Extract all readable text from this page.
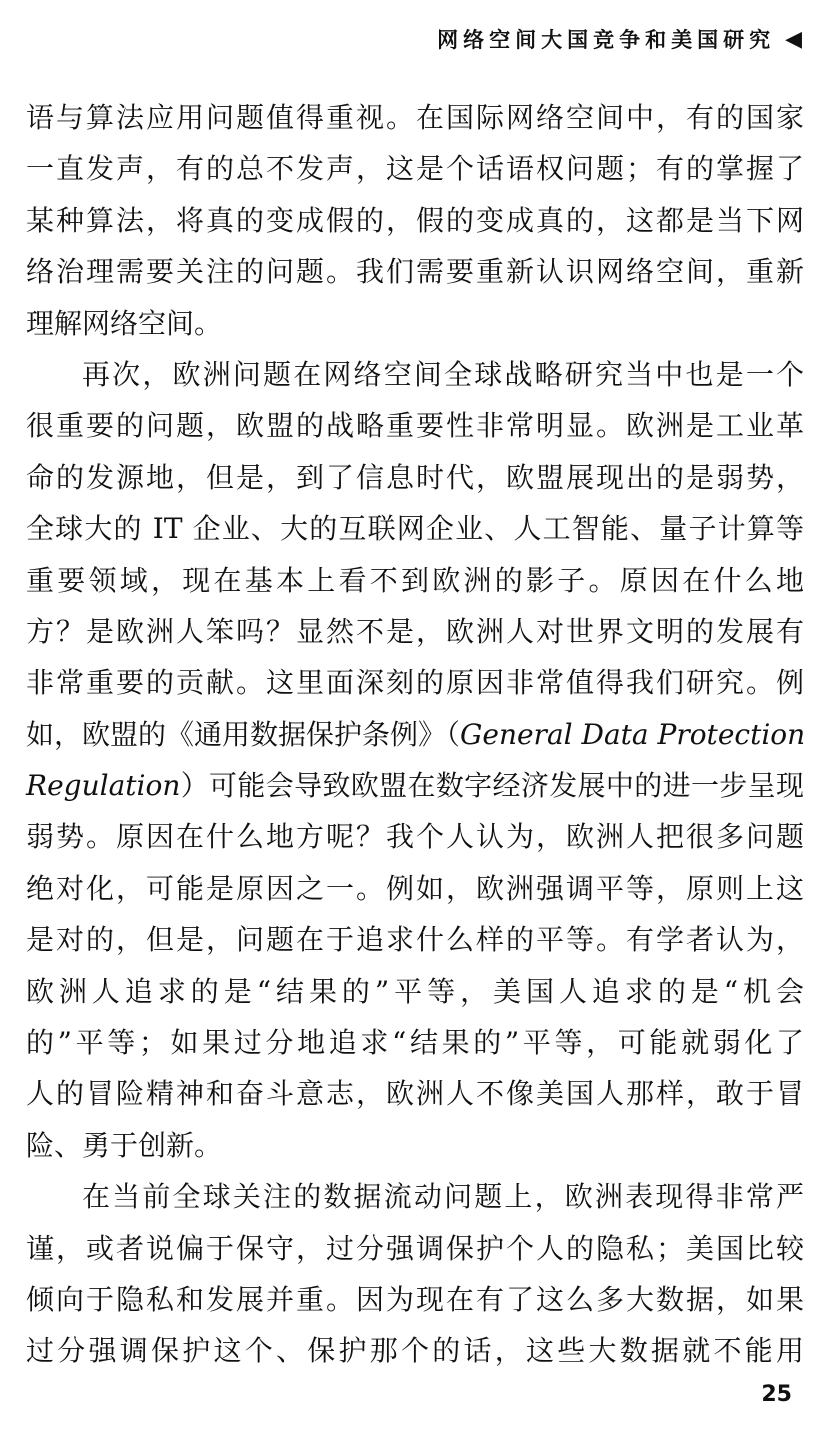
网络空间大国竞争和美国研究 ◀
语与算法应用问题值得重视。在国际网络空间中，有的国家
一直发声，有的总不发声，这是个话语权问题；有的掌握了
某种算法，将真的变成假的，假的变成真的，这都是当下网
络治理需要关注的问题。我们需要重新认识网络空间，重新
理解网络空间。
再次，欧洲问题在网络空间全球战略研究当中也是一个
很重要的问题，欧盟的战略重要性非常明显。欧洲是工业革
命的发源地，但是，到了信息时代，欧盟展现出的是弱势，
全球大的 IT 企业、大的互联网企业、人工智能、量子计算等
重要领域，现在基本上看不到欧洲的影子。原因在什么地
方？是欧洲人笨吗？显然不是，欧洲人对世界文明的发展有
非常重要的贡献。这里面深刻的原因非常值得我们研究。例
如，欧盟的《通用数据保护条例》（General Data Protection
Regulation）可能会导致欧盟在数字经济发展中的进一步呈现
弱势。原因在什么地方呢？我个人认为，欧洲人把很多问题
绝对化，可能是原因之一。例如，欧洲强调平等，原则上这
是对的，但是，问题在于追求什么样的平等。有学者认为，
欧洲人追求的是“结果的”平等，美国人追求的是“机会
的”平等；如果过分地追求“结果的”平等，可能就弱化了
人的冒险精神和奋斗意志，欧洲人不像美国人那样，敢于冒
险、勇于创新。
在当前全球关注的数据流动问题上，欧洲表现得非常严
谨，或者说偏于保守，过分强调保护个人的隐私；美国比较
倾向于隐私和发展并重。因为现在有了这么多大数据，如果
过分强调保护这个、保护那个的话，这些大数据就不能用
25
